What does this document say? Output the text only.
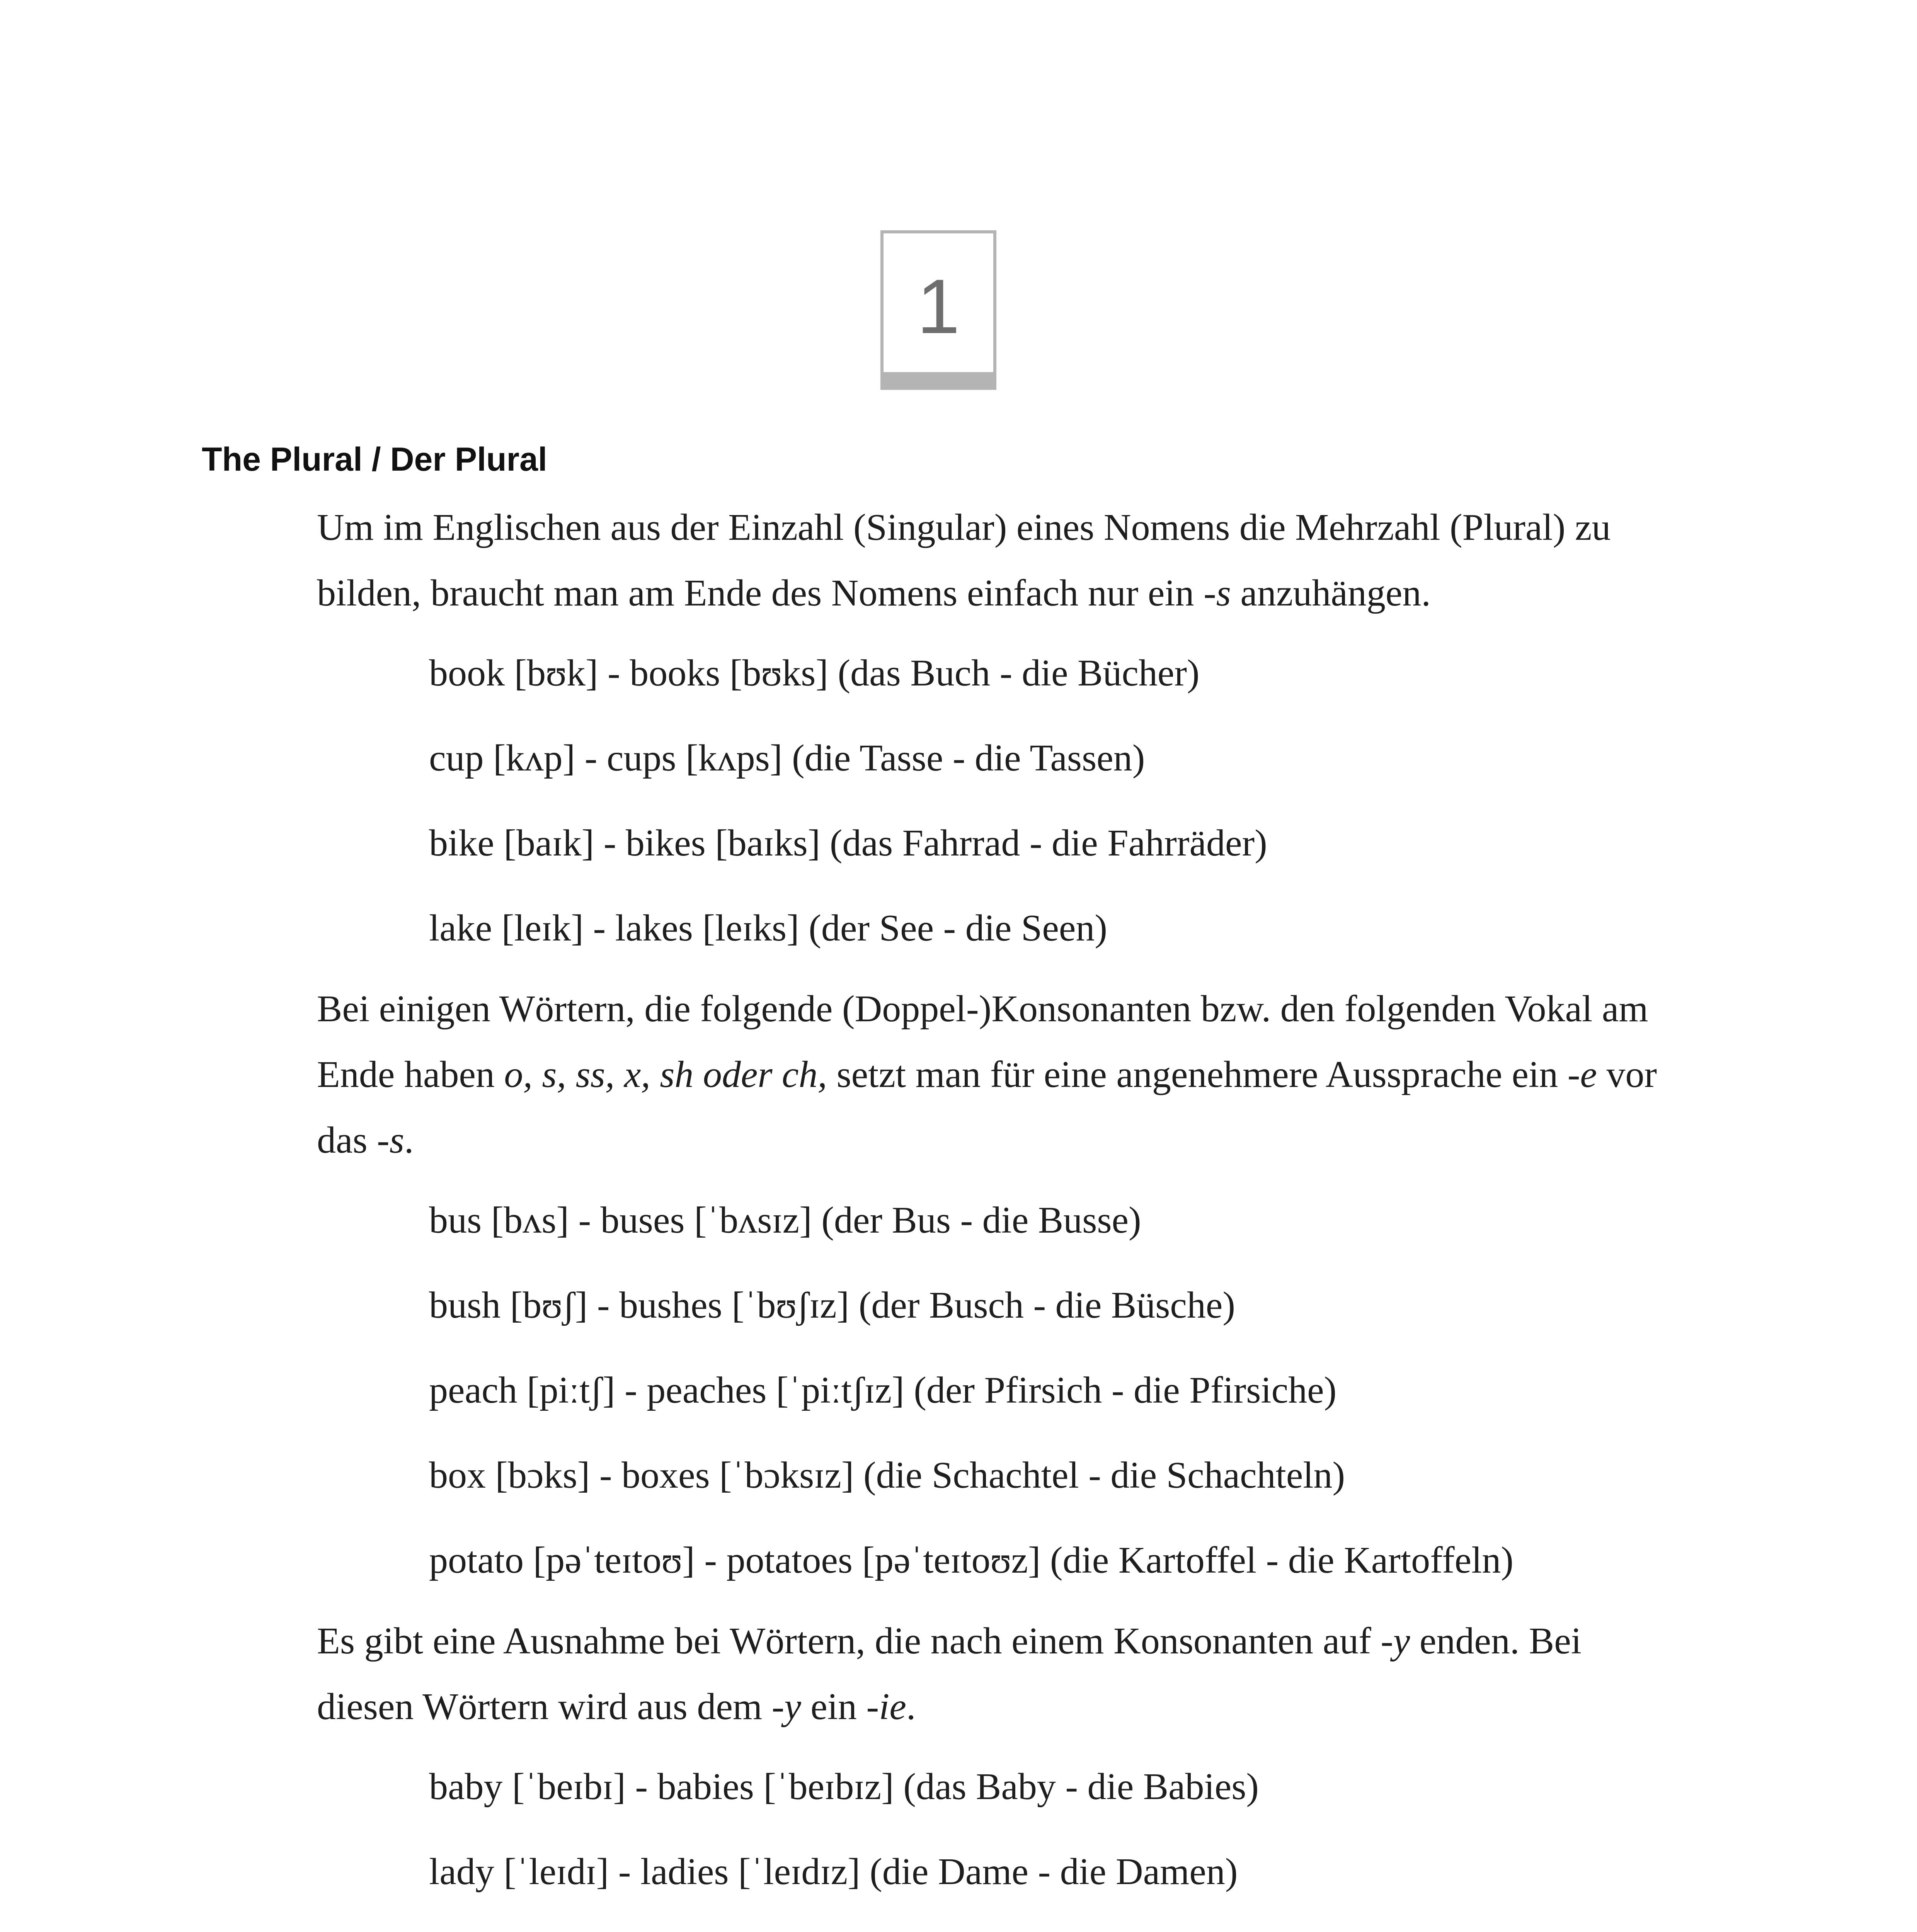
1
The Plural / Der Plural

Um im Englischen aus der Einzahl (Singular) eines Nomens die Mehrzahl (Plural) zu bilden, braucht man am Ende des Nomens einfach nur ein -s anzuhängen.

book [bʊk] - books [bʊks] (das Buch - die Bücher)
cup [kʌp] - cups [kʌps] (die Tasse - die Tassen)
bike [baɪk] - bikes [baɪks] (das Fahrrad - die Fahrräder)
lake [leɪk] - lakes [leɪks] (der See - die Seen)

Bei einigen Wörtern, die folgende (Doppel-)Konsonanten bzw. den folgenden Vokal am Ende haben o, s, ss, x, sh oder ch, setzt man für eine angenehmere Aussprache ein -e vor das -s.

bus [bʌs] - buses [ˈbʌsɪz] (der Bus - die Busse)
bush [bʊʃ] - bushes [ˈbʊʃɪz] (der Busch - die Büsche)
peach [piːtʃ] - peaches [ˈpiːtʃɪz] (der Pfirsich - die Pfirsiche)
box [bɔks] - boxes [ˈbɔksɪz] (die Schachtel - die Schachteln)
potato [pəˈteɪtoʊ] - potatoes [pəˈteɪtoʊz] (die Kartoffel - die Kartoffeln)

Es gibt eine Ausnahme bei Wörtern, die nach einem Konsonanten auf -y enden. Bei diesen Wörtern wird aus dem -y ein -ie.

baby [ˈbeɪbɪ] - babies [ˈbeɪbɪz] (das Baby - die Babies)
lady [ˈleɪdɪ] - ladies [ˈleɪdɪz] (die Dame - die Damen)
